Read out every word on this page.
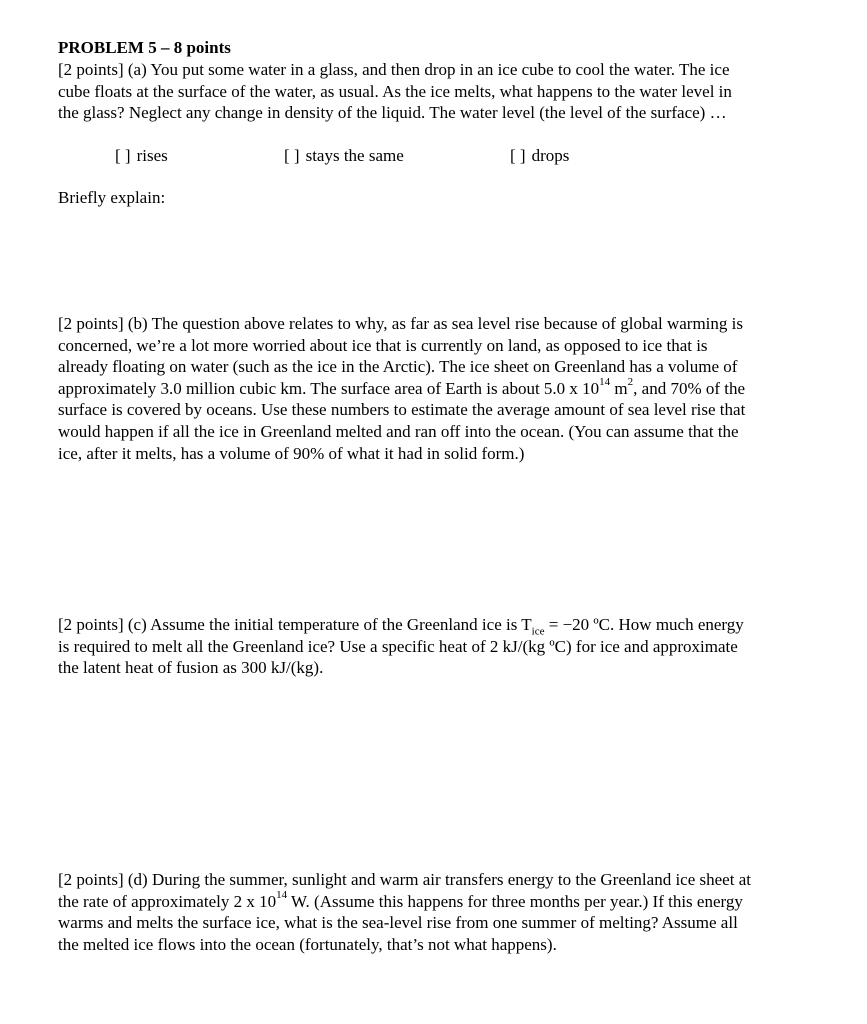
PROBLEM 5 – 8 points
[2 points] (a) You put some water in a glass, and then drop in an ice cube to cool the water. The ice
cube floats at the surface of the water, as usual. As the ice melts, what happens to the water level in
the glass? Neglect any change in density of the liquid. The water level (the level of the surface) …
[ ] rises	[ ] stays the same	[ ] drops
Briefly explain:
[2 points] (b) The question above relates to why, as far as sea level rise because of global warming is
concerned, we’re a lot more worried about ice that is currently on land, as opposed to ice that is
already floating on water (such as the ice in the Arctic). The ice sheet on Greenland has a volume of
approximately 3.0 million cubic km. The surface area of Earth is about 5.0 x $10^{14}$ $m^2$, and 70% of the
surface is covered by oceans. Use these numbers to estimate the average amount of sea level rise that
would happen if all the ice in Greenland melted and ran off into the ocean. (You can assume that the
ice, after it melts, has a volume of 90% of what it had in solid form.)
[2 points] (c) Assume the initial temperature of the Greenland ice is $T_{ice} = -20$ ºC. How much energy
is required to melt all the Greenland ice? Use a specific heat of 2 kJ/(kg ºC) for ice and approximate
the latent heat of fusion as 300 kJ/(kg).
[2 points] (d) During the summer, sunlight and warm air transfers energy to the Greenland ice sheet at
the rate of approximately 2 x $10^{14}$ W. (Assume this happens for three months per year.) If this energy
warms and melts the surface ice, what is the sea-level rise from one summer of melting? Assume all
the melted ice flows into the ocean (fortunately, that’s not what happens).
